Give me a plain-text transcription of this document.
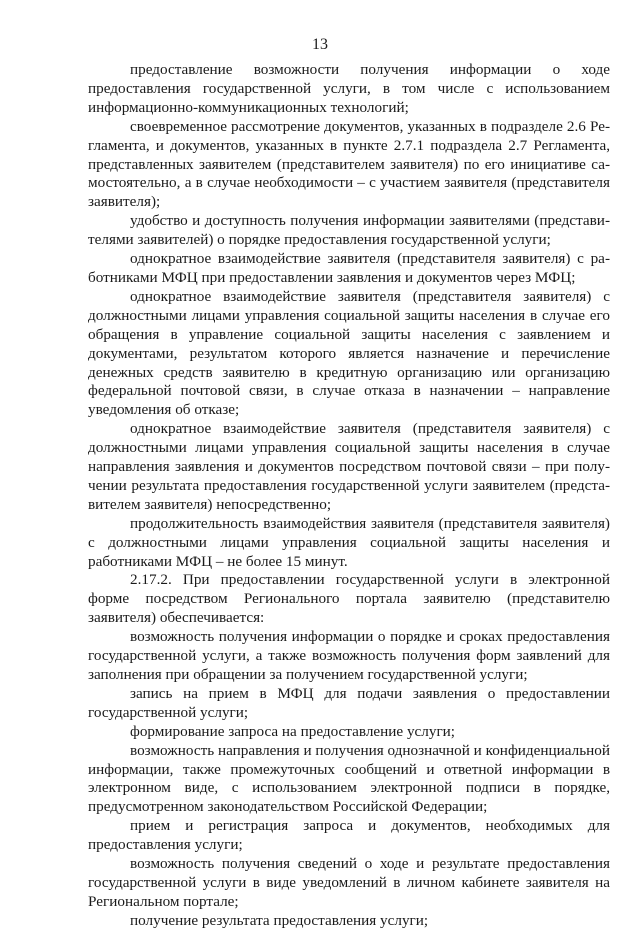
13

предоставление возможности получения информации о ходе предоставления государственной услуги, в том числе с использованием информационно-коммуникационных технологий;

своевременное рассмотрение документов, указанных в подразделе 2.6 Регламента, и документов, указанных в пункте 2.7.1 подраздела 2.7 Регламента, представленных заявителем (представителем заявителя) по его инициативе самостоятельно, а в случае необходимости – с участием заявителя (представителя заявителя);

удобство и доступность получения информации заявителями (представителями заявителей) о порядке предоставления государственной услуги;

однократное взаимодействие заявителя (представителя заявителя) с работниками МФЦ при предоставлении заявления и документов через МФЦ;

однократное взаимодействие заявителя (представителя заявителя) с должностными лицами управления социальной защиты населения в случае его обращения в управление социальной защиты населения с заявлением и документами, результатом которого является назначение и перечисление денежных средств заявителю в кредитную организацию или организацию федеральной почтовой связи, в случае отказа в назначении – направление уведомления об отказе;

однократное взаимодействие заявителя (представителя заявителя) с должностными лицами управления социальной защиты населения в случае направления заявления и документов посредством почтовой связи – при получении результата предоставления государственной услуги заявителем (представителем заявителя) непосредственно;

продолжительность взаимодействия заявителя (представителя заявителя) с должностными лицами управления социальной защиты населения и работниками МФЦ – не более 15 минут.

2.17.2. При предоставлении государственной услуги в электронной форме посредством Регионального портала заявителю (представителю заявителя) обеспечивается:

возможность получения информации о порядке и сроках предоставления государственной услуги, а также возможность получения форм заявлений для заполнения при обращении за получением государственной услуги;

запись на прием в МФЦ для подачи заявления о предоставлении государственной услуги;

формирование запроса на предоставление услуги;

возможность направления и получения однозначной и конфиденциальной информации, также промежуточных сообщений и ответной информации в электронном виде, с использованием электронной подписи в порядке, предусмотренном законодательством Российской Федерации;

прием и регистрация запроса и документов, необходимых для предоставления услуги;

возможность получения сведений о ходе и результате предоставления государственной услуги в виде уведомлений в личном кабинете заявителя на Региональном портале;

получение результата предоставления услуги;
